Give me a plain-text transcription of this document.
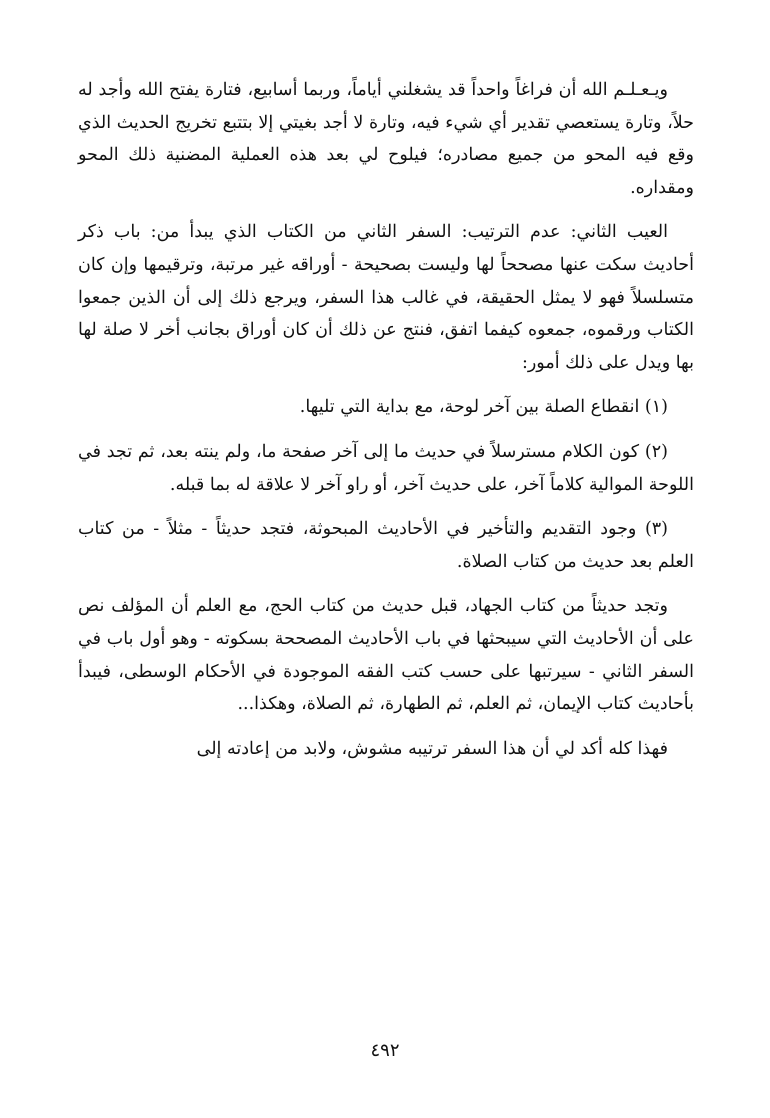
ويـعـلـم الله أن فراغاً واحداً قد يشغلني أياماً، وربما أسابيع، فتارة يفتح الله وأجد له حلاً، وتارة يستعصي تقدير أي شيء فيه، وتارة لا أجد بغيتي إلا بتتبع تخريج الحديث الذي وقع فيه المحو من جميع مصادره؛ فيلوح لي بعد هذه العملية المضنية ذلك المحو ومقداره.

العيب الثاني: عدم الترتيب: السفر الثاني من الكتاب الذي يبدأ من: باب ذكر أحاديث سكت عنها مصححاً لها وليست بصحيحة - أوراقه غير مرتبة، وترقيمها وإن كان متسلسلاً فهو لا يمثل الحقيقة، في غالب هذا السفر، ويرجع ذلك إلى أن الذين جمعوا الكتاب ورقموه، جمعوه كيفما اتفق، فنتج عن ذلك أن كان أوراق بجانب أخر لا صلة لها بها ويدل على ذلك أمور:

(١) انقطاع الصلة بين آخر لوحة، مع بداية التي تليها.

(٢) كون الكلام مسترسلاً في حديث ما إلى آخر صفحة ما، ولم ينته بعد، ثم تجد في اللوحة الموالية كلاماً آخر، على حديث آخر، أو راو آخر لا علاقة له بما قبله.

(٣) وجود التقديم والتأخير في الأحاديث المبحوثة، فتجد حديثاً - مثلاً - من كتاب العلم بعد حديث من كتاب الصلاة.

وتجد حديثاً من كتاب الجهاد، قبل حديث من كتاب الحج، مع العلم أن المؤلف نص على أن الأحاديث التي سيبحثها في باب الأحاديث المصححة بسكوته - وهو أول باب في السفر الثاني - سيرتبها على حسب كتب الفقه الموجودة في الأحكام الوسطى، فيبدأ بأحاديث كتاب الإيمان، ثم العلم، ثم الطهارة، ثم الصلاة، وهكذا...

فهذا كله أكد لي أن هذا السفر ترتيبه مشوش، ولابد من إعادته إلى

٤٩٢
